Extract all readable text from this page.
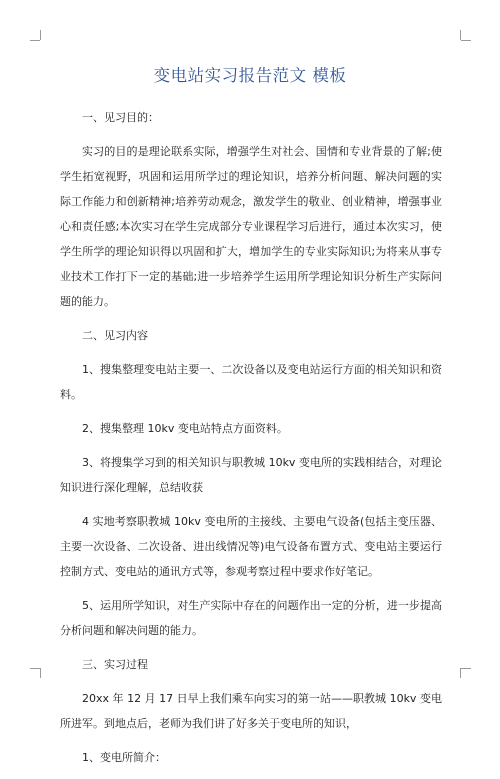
变电站实习报告范文 模板

一、见习目的：

实习的目的是理论联系实际，增强学生对社会、国情和专业背景的了解;使学生拓宽视野，巩固和运用所学过的理论知识，培养分析问题、解决问题的实际工作能力和创新精神;培养劳动观念，激发学生的敬业、创业精神，增强事业心和责任感;本次实习在学生完成部分专业课程学习后进行，通过本次实习，使学生所学的理论知识得以巩固和扩大，增加学生的专业实际知识;为将来从事专业技术工作打下一定的基础;进一步培养学生运用所学理论知识分析生产实际问题的能力。

二、见习内容

1、搜集整理变电站主要一、二次设备以及变电站运行方面的相关知识和资料。

2、搜集整理 10kv 变电站特点方面资料。

3、将搜集学习到的相关知识与职教城 10kv 变电所的实践相结合，对理论知识进行深化理解，总结收获

4 实地考察职教城 10kv 变电所的主接线、主要电气设备(包括主变压器、主要一次设备、二次设备、进出线情况等)电气设备布置方式、变电站主要运行控制方式、变电站的通讯方式等，参观考察过程中要求作好笔记。

5、运用所学知识，对生产实际中存在的问题作出一定的分析，进一步提高分析问题和解决问题的能力。

三、实习过程

20xx 年 12 月 17 日早上我们乘车向实习的第一站——职教城 10kv 变电所进军。到地点后，老师为我们讲了好多关于变电所的知识，

1、变电所简介：
